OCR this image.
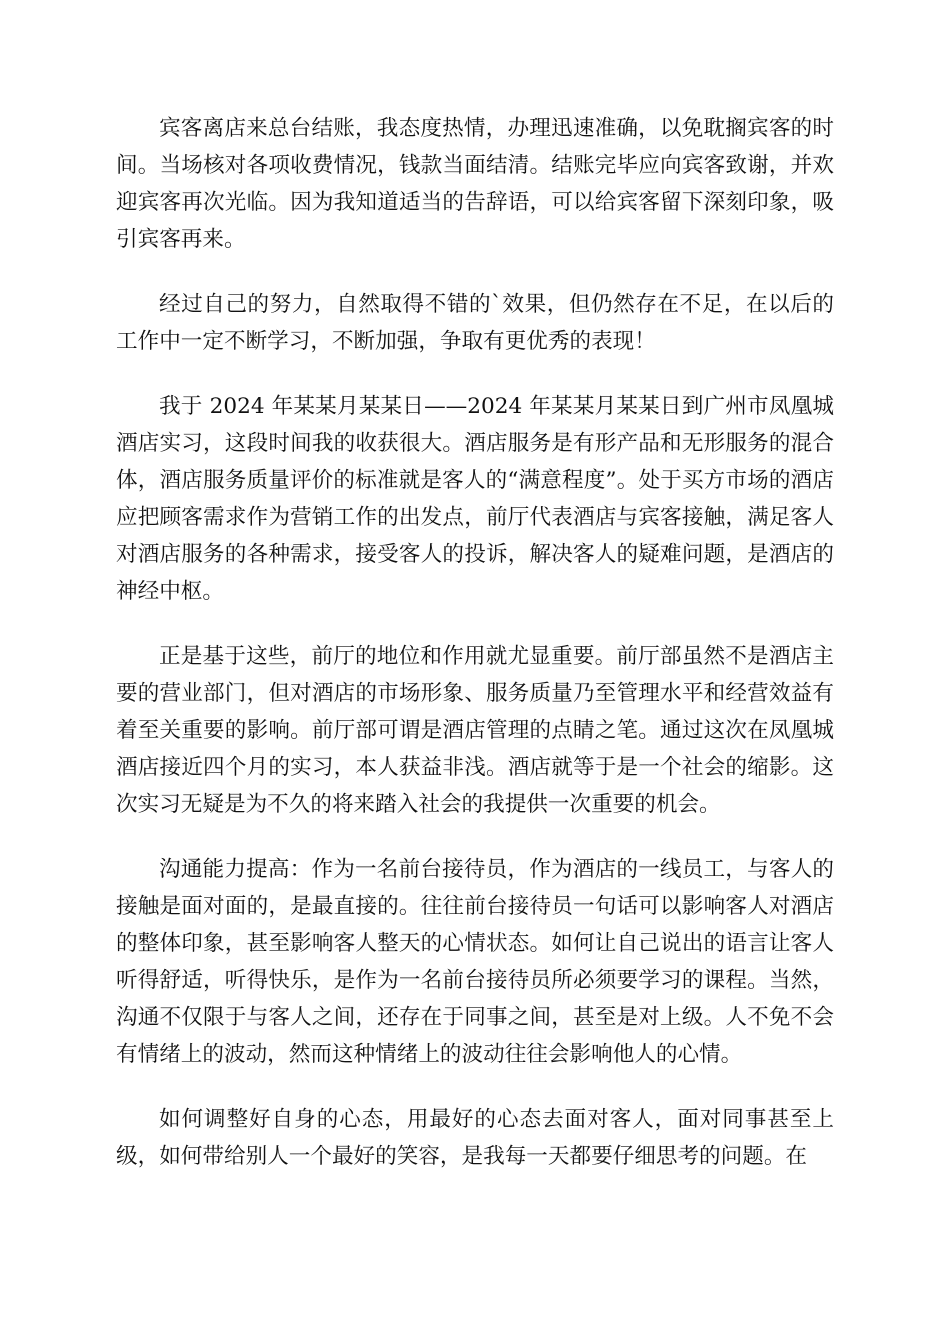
宾客离店来总台结账，我态度热情，办理迅速准确，以免耽搁宾客的时间。当场核对各项收费情况，钱款当面结清。结账完毕应向宾客致谢，并欢迎宾客再次光临。因为我知道适当的告辞语，可以给宾客留下深刻印象，吸引宾客再来。

经过自己的努力，自然取得不错的`效果，但仍然存在不足，在以后的工作中一定不断学习，不断加强，争取有更优秀的表现！

我于 2024 年某某月某某日——2024 年某某月某某日到广州市凤凰城酒店实习，这段时间我的收获很大。酒店服务是有形产品和无形服务的混合体，酒店服务质量评价的标准就是客人的“满意程度”。处于买方市场的酒店应把顾客需求作为营销工作的出发点，前厅代表酒店与宾客接触，满足客人对酒店服务的各种需求，接受客人的投诉，解决客人的疑难问题，是酒店的神经中枢。

正是基于这些，前厅的地位和作用就尤显重要。前厅部虽然不是酒店主要的营业部门，但对酒店的市场形象、服务质量乃至管理水平和经营效益有着至关重要的影响。前厅部可谓是酒店管理的点睛之笔。通过这次在凤凰城酒店接近四个月的实习，本人获益非浅。酒店就等于是一个社会的缩影。这次实习无疑是为不久的将来踏入社会的我提供一次重要的机会。

沟通能力提高：作为一名前台接待员，作为酒店的一线员工，与客人的接触是面对面的，是最直接的。往往前台接待员一句话可以影响客人对酒店的整体印象，甚至影响客人整天的心情状态。如何让自己说出的语言让客人听得舒适，听得快乐，是作为一名前台接待员所必须要学习的课程。当然，沟通不仅限于与客人之间，还存在于同事之间，甚至是对上级。人不免不会有情绪上的波动，然而这种情绪上的波动往往会影响他人的心情。

如何调整好自身的心态，用最好的心态去面对客人，面对同事甚至上级，如何带给别人一个最好的笑容，是我每一天都要仔细思考的问题。在
